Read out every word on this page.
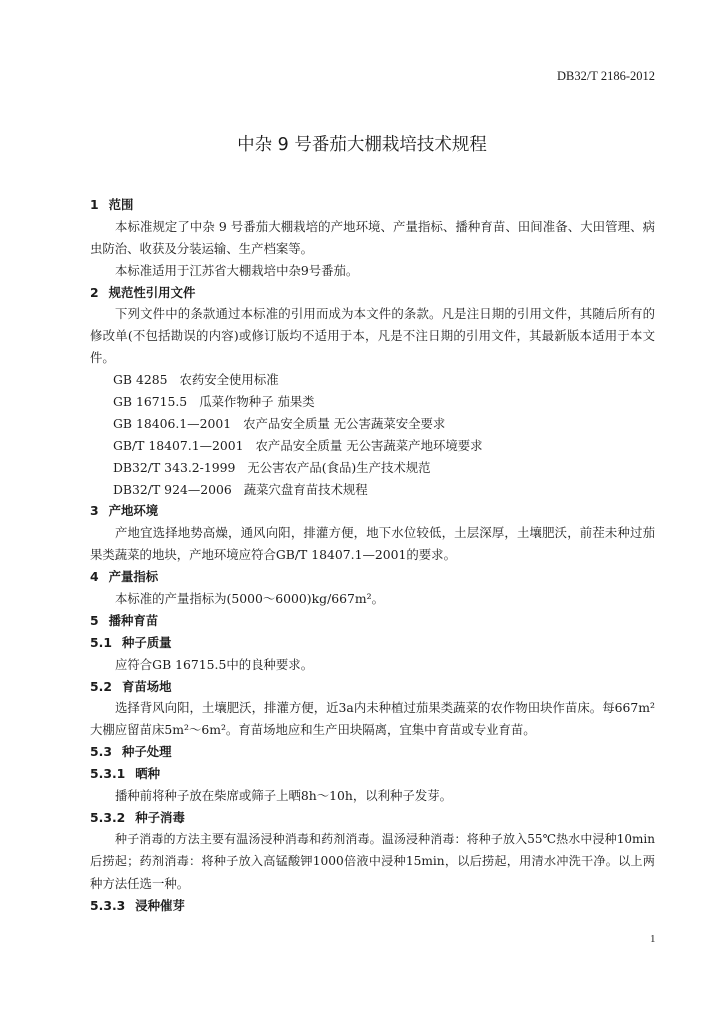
DB32/T 2186-2012
中杂 9 号番茄大棚栽培技术规程
1 范围
本标准规定了中杂 9 号番茄大棚栽培的产地环境、产量指标、播种育苗、田间准备、大田管理、病
虫防治、收获及分装运输、生产档案等。
本标准适用于江苏省大棚栽培中杂9号番茄。
2 规范性引用文件
下列文件中的条款通过本标准的引用而成为本文件的条款。凡是注日期的引用文件，其随后所有的
修改单(不包括勘误的内容)或修订版均不适用于本，凡是不注日期的引用文件，其最新版本适用于本文
件。
GB 4285 农药安全使用标准
GB 16715.5 瓜菜作物种子 茄果类
GB 18406.1—2001 农产品安全质量 无公害蔬菜安全要求
GB/T 18407.1—2001 农产品安全质量 无公害蔬菜产地环境要求
DB32/T 343.2-1999 无公害农产品(食品)生产技术规范
DB32/T 924—2006 蔬菜穴盘育苗技术规程
3 产地环境
产地宜选择地势高燥，通风向阳，排灌方便，地下水位较低，土层深厚，土壤肥沃，前茬未种过茄
果类蔬菜的地块，产地环境应符合GB/T 18407.1—2001的要求。
4 产量指标
本标准的产量指标为(5000～6000)kg/667m²。
5 播种育苗
5.1 种子质量
应符合GB 16715.5中的良种要求。
5.2 育苗场地
选择背风向阳，土壤肥沃，排灌方便，近3a内未种植过茄果类蔬菜的农作物田块作苗床。每667m²
大棚应留苗床5m²～6m²。育苗场地应和生产田块隔离，宜集中育苗或专业育苗。
5.3 种子处理
5.3.1 晒种
播种前将种子放在柴席或筛子上晒8h～10h，以利种子发芽。
5.3.2 种子消毒
种子消毒的方法主要有温汤浸种消毒和药剂消毒。温汤浸种消毒：将种子放入55℃热水中浸种10min
后捞起；药剂消毒：将种子放入高锰酸钾1000倍液中浸种15min，以后捞起，用清水冲洗干净。以上两
种方法任选一种。
5.3.3 浸种催芽
1
